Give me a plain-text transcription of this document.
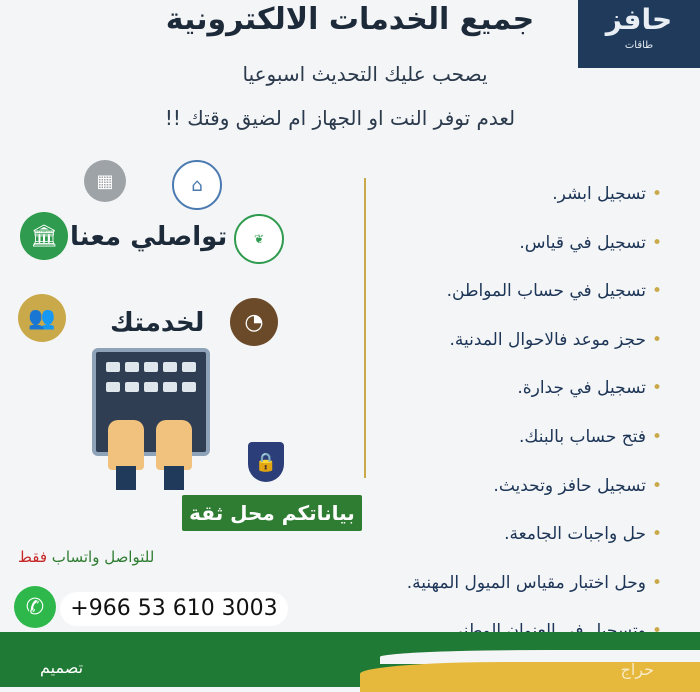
جميع الخدمات الالكترونية	حافز
طاقات
يصحب عليك التحديث اسبوعيا
لعدم توفر النت او الجهاز ام لضيق وقتك !!
•تسجيل ابشر.
•تسجيل في قياس.
•تسجيل في حساب المواطن.
•حجز موعد فالاحوال المدنية.
•تسجيل في جدارة.
•فتح حساب بالبنك.
•تسجيل حافز وتحديث.
•حل واجبات الجامعة.
•وحل اختبار مقياس الميول المهنية.
▦	⌂
🏛	❦
👥	◔
تواصلي معنا
لخدمتك
🔒
بياناتكم محل ثقة
للتواصل واتساب فقط
✆	+966 53 610 3003
تصميم	حراج
